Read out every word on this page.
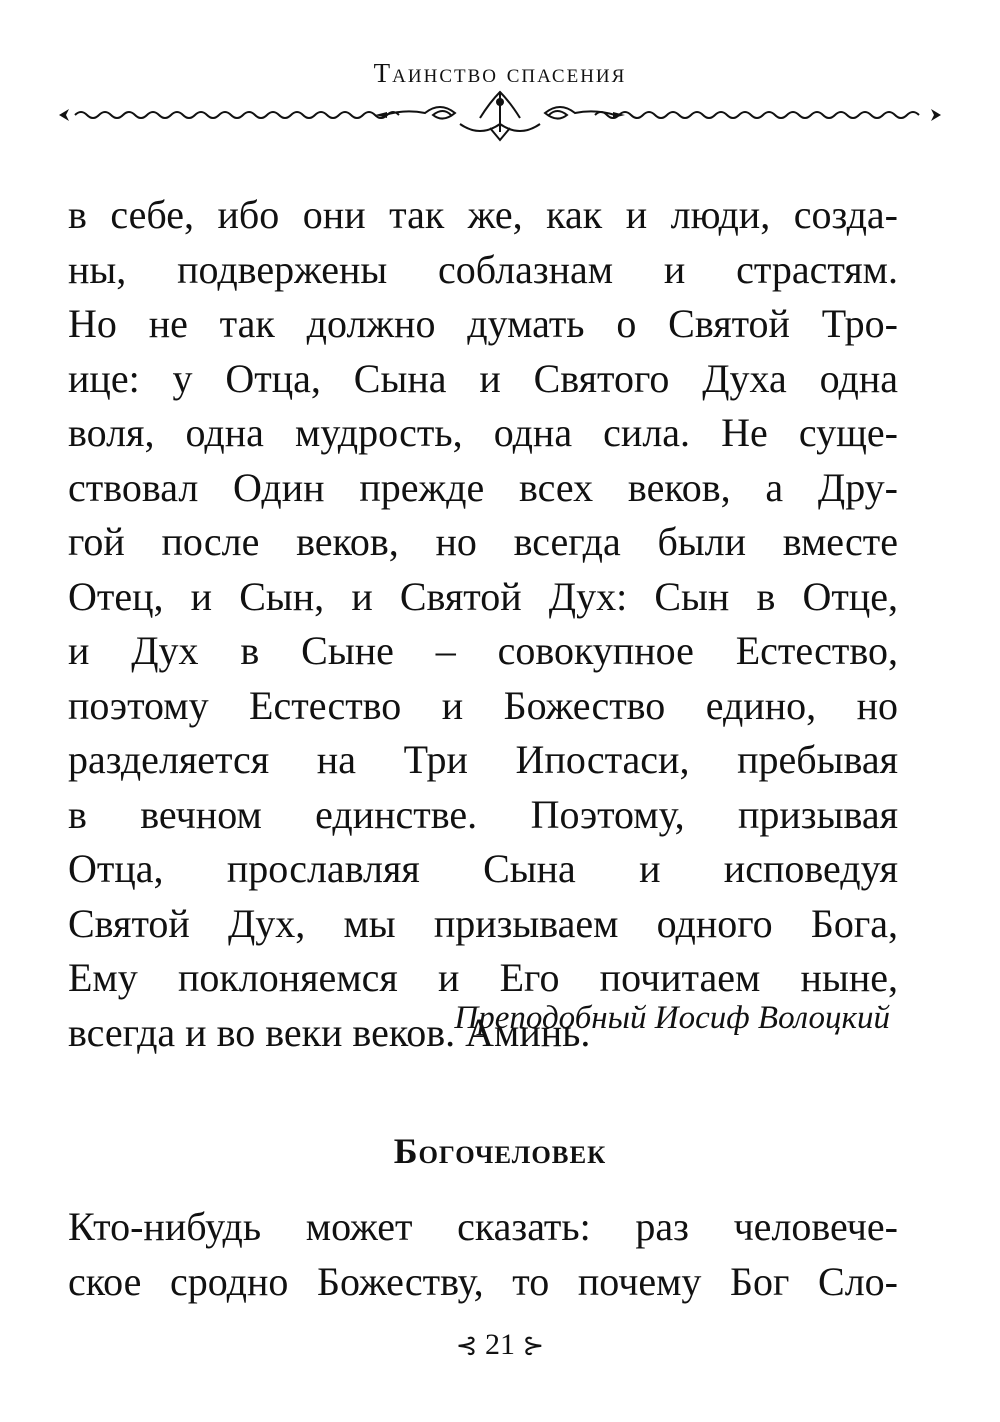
Таинство спасения
в себе, ибо они так же, как и люди, созда-
ны, подвержены соблазнам и страстям.
Но не так должно думать о Святой Тро-
ице: у Отца, Сына и Святого Духа одна
воля, одна мудрость, одна сила. Не суще-
ствовал Один прежде всех веков, а Дру-
гой после веков, но всегда были вместе
Отец, и Сын, и Святой Дух: Сын в Отце,
и Дух в Сыне – совокупное Естество,
поэтому Естество и Божество едино, но
разделяется на Три Ипостаси, пребывая
в вечном единстве. Поэтому, призывая
Отца, прославляя Сына и исповедуя
Святой Дух, мы призываем одного Бога,
Ему поклоняемся и Его почитаем ныне,
всегда и во веки веков. Аминь.
Преподобный Иосиф Волоцкий
Богочеловек
Кто-нибудь может сказать: раз человече-
ское сродно Божеству, то почему Бог Сло-
⊰ 21 ⊱
